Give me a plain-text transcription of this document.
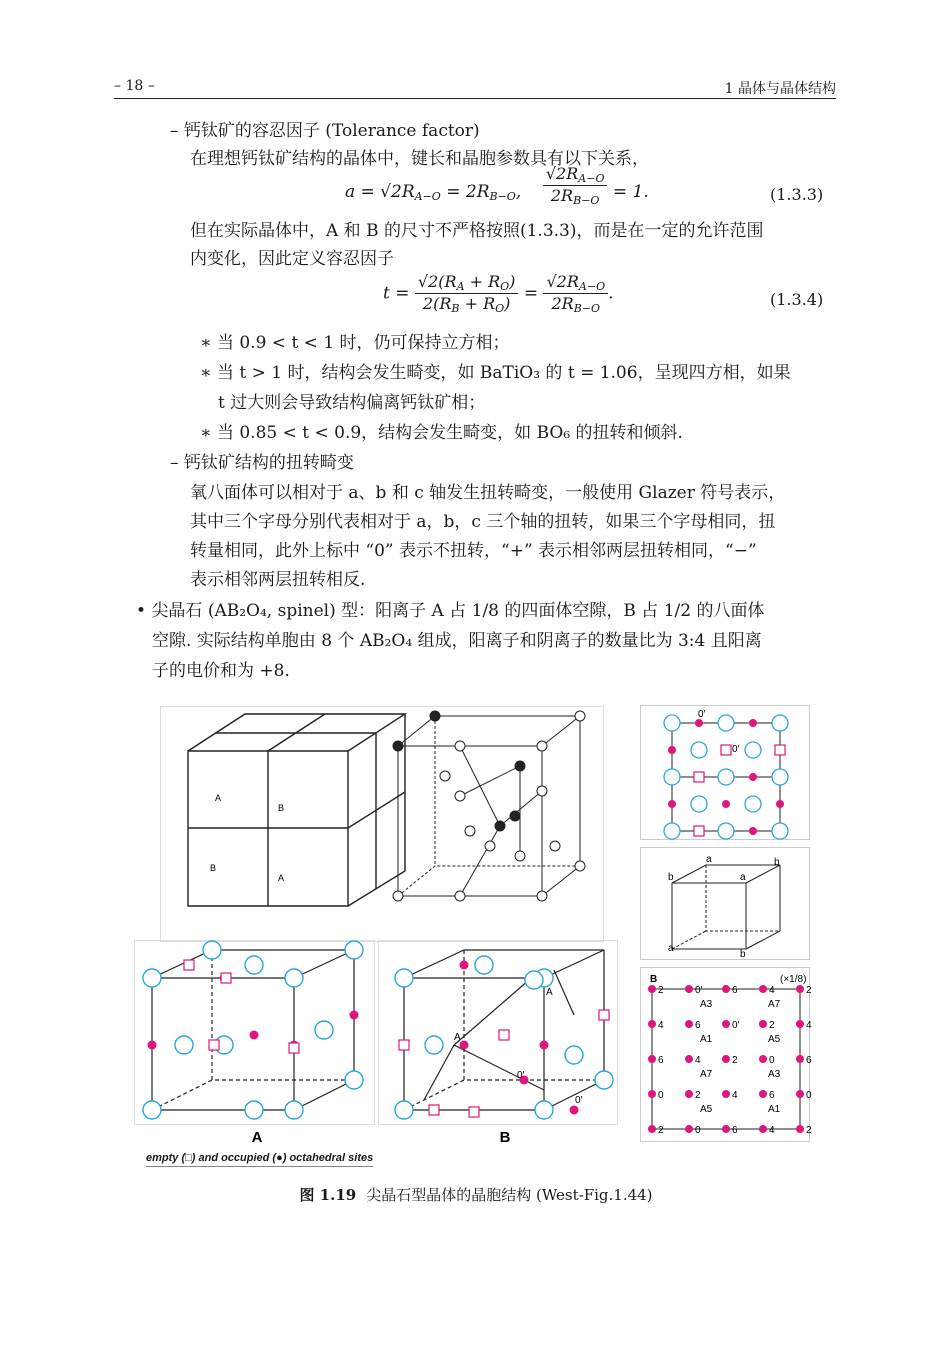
– 18 –	1 晶体与晶体结构
– 钙钛矿的容忍因子 (Tolerance factor)
在理想钙钛矿结构的晶体中，键长和晶胞参数具有以下关系，
$a = √2R_{A-O} = 2R_{B-O}$, $\frac{√2R_{A-O}}{2R_{B-O}} = 1$.	(1.3.3)
但在实际晶体中，A 和 B 的尺寸不严格按照(1.3.3)，而是在一定的允许范围
内变化，因此定义容忍因子
$t = \frac{√2(R_A + R_O)}{2(R_B + R_O)} = \frac{√2R_{A-O}}{2R_{B-O}}$ .	(1.3.4)
∗ 当 0.9 < t < 1 时，仍可保持立方相；
∗ 当 t > 1 时，结构会发生畸变，如 BaTiO₃ 的 t = 1.06，呈现四方相，如果
t 过大则会导致结构偏离钙钛矿相；
∗ 当 0.85 < t < 0.9，结构会发生畸变，如 BO₆ 的扭转和倾斜.
– 钙钛矿结构的扭转畸变
氧八面体可以相对于 a、b 和 c 轴发生扭转畸变，一般使用 Glazer 符号表示，
其中三个字母分别代表相对于 a，b，c 三个轴的扭转，如果三个字母相同，扭
转量相同，此外上标中 “0” 表示不扭转，“+” 表示相邻两层扭转相同，“−”
表示相邻两层扭转相反.
• 尖晶石 (AB₂O₄, spinel) 型：阳离子 A 占 1/8 的四面体空隙，B 占 1/2 的八面体
空隙. 实际结构单胞由 8 个 AB₂O₄ 组成，阳离子和阴离子的数量比为 3:4 且阳离
子的电价和为 +8.
A
B
B
A
A	B
A
A
0′
0′
empty (□) and occupied (●) octahedral sites
0′
0′
a	b
b	a
a
b
B	(×1/8)
2	0′	6	4	2
A3	A7
4	6	0′	2	4
A1	A5
6	4	2	0	6
A7	A3
0	2	4	6	0
A5	A1
2	0	6	4	2
图 1.19 尖晶石型晶体的晶胞结构 (West-Fig.1.44)
